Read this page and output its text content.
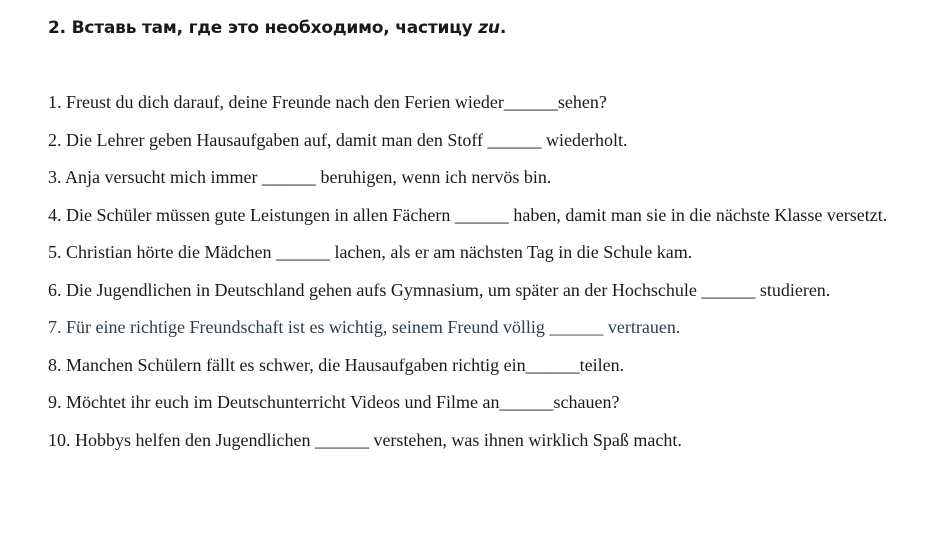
2. Вставь там, где это необходимо, частицу zu.

1. Freust du dich darauf, deine Freunde nach den Ferien wieder______sehen?

2. Die Lehrer geben Hausaufgaben auf, damit man den Stoff ______ wiederholt.

3. Anja versucht mich immer ______ beruhigen, wenn ich nervös bin.

4. Die Schüler müssen gute Leistungen in allen Fächern ______ haben, damit man sie in die nächste Klasse versetzt.

5. Christian hörte die Mädchen ______ lachen, als er am nächsten Tag in die Schule kam.

6. Die Jugendlichen in Deutschland gehen aufs Gymnasium, um später an der Hochschule ______ studieren.

7. Für eine richtige Freundschaft ist es wichtig, seinem Freund völlig ______ vertrauen.

8. Manchen Schülern fällt es schwer, die Hausaufgaben richtig ein______teilen.

9. Möchtet ihr euch im Deutschunterricht Videos und Filme an______schauen?

10. Hobbys helfen den Jugendlichen ______ verstehen, was ihnen wirklich Spaß macht.
